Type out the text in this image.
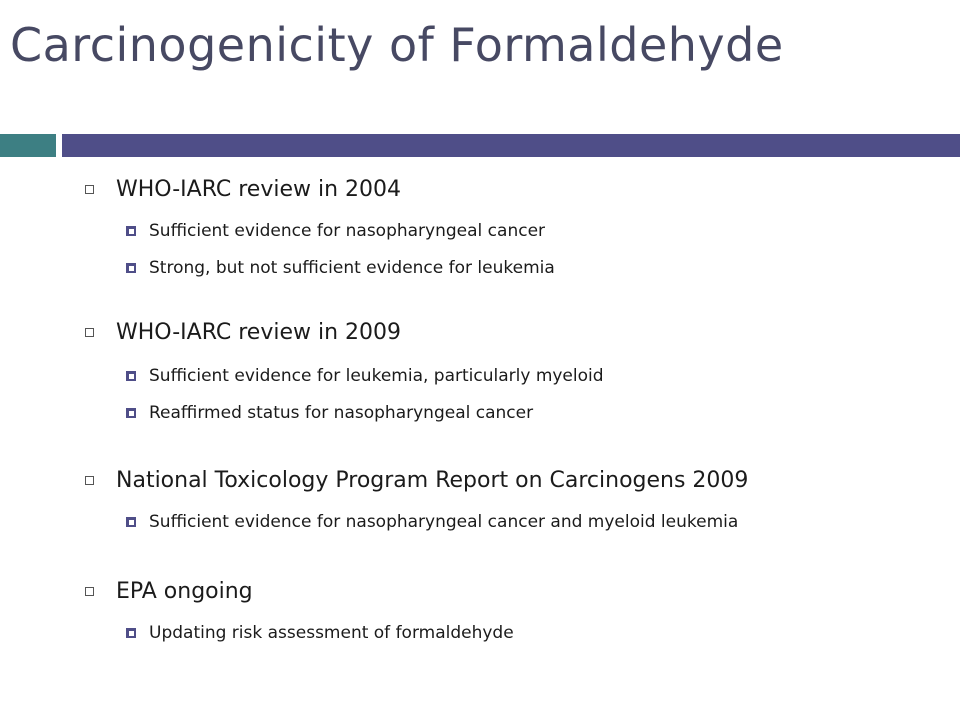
Carcinogenicity of Formaldehyde
WHO-IARC review in 2004
Sufficient evidence for nasopharyngeal cancer
Strong, but not sufficient evidence for leukemia
WHO-IARC review in 2009
Sufficient evidence for leukemia, particularly myeloid
Reaffirmed status for nasopharyngeal cancer
National Toxicology Program Report on Carcinogens 2009
Sufficient evidence for nasopharyngeal cancer and myeloid leukemia
EPA ongoing
Updating risk assessment of formaldehyde
